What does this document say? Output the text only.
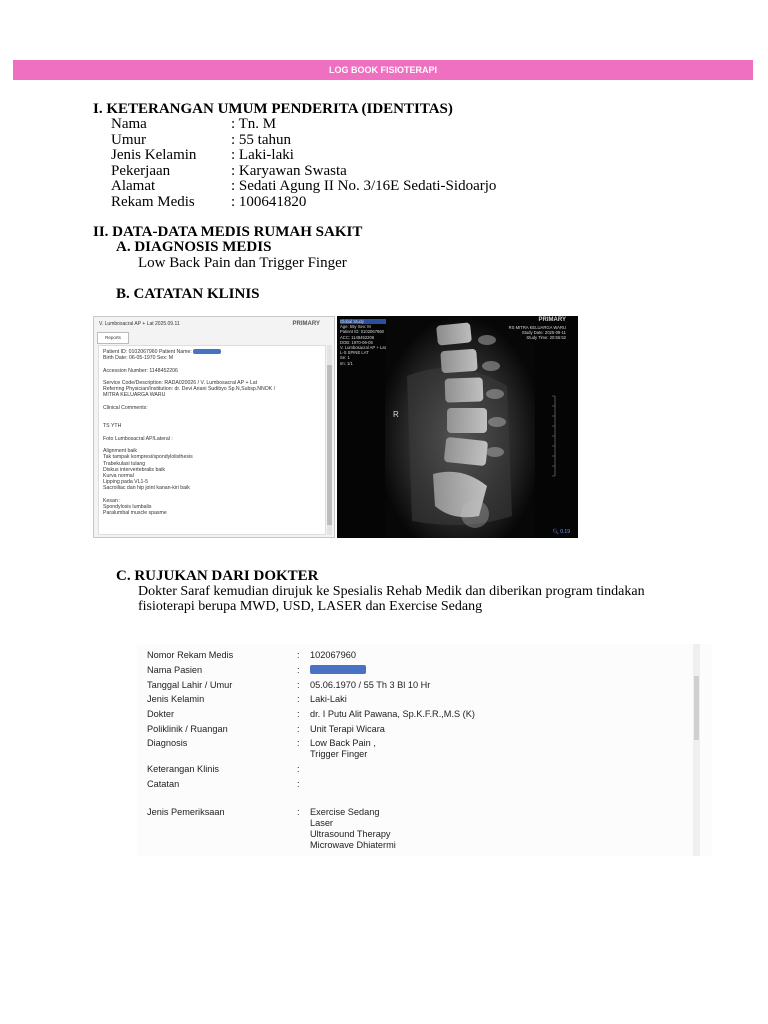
LOG BOOK FISIOTERAPI
I. KETERANGAN UMUM PENDERITA (IDENTITAS)
Nama	: Tn. M
Umur	: 55 tahun
Jenis Kelamin : Laki-laki
Pekerjaan	: Karyawan Swasta
Alamat	: Sedati Agung II No. 3/16E Sedati-Sidoarjo
Rekam Medis : 100641820
II. DATA-DATA MEDIS RUMAH SAKIT
A. DIAGNOSIS MEDIS
Low Back Pain dan Trigger Finger
B. CATATAN KLINIS
V. Lumbosacral AP + Lat 2025.09.11	PRIMARY
Reports
Patient ID: 0102067960 Patient Name:
Birth Date: 06-05-1970 Sex: M

Accession Number: 1148452206

Service Code/Description: RADA020026 / V. Lumbosacral AP + Lat
Referring Physician/Institution: dr. Devi Ariani Sudibyo Sp.N,Subsp.NNOK /
MITRA KELUARGA WARU

Clinical Comments:

TS YTH

Foto Lumbosacral AP/Lateral :

Alignment baik
Tak tampak kompresi/spondylolisthesis
Trabekulasi tulang
Diskus intervertebralis baik
Kurva normal
Lipping pada VL1-5
Sacroiliac dan hip joint kanan-kiri baik

Kesan :
Spondylosis lumbalis
Paralumbal muscle spasme
Global Study
Age: 55y Sex: M
Patient ID: 0102067960
ACC: 1148452206
DOB: 1970-06-05
V. Lumbosacral AP + Lat
L-S SPINE LAT
Se: 1
Im: 1/1
PRIMARY
RS MITRA KELUARGA WARU
Study Date: 2025-09-11
Study Time: 20:55:52
R
🔍︎ 0.19
C. RUJUKAN DARI DOKTER
Dokter Saraf kemudian dirujuk ke Spesialis Rehab Medik dan diberikan program tindakan
fisioterapi berupa MWD, USD, LASER dan Exercise Sedang
Nomor Rekam Medis	: 102067960
Nama Pasien	:
Tanggal Lahir / Umur	: 05.06.1970 / 55 Th 3 Bl 10 Hr
Jenis Kelamin	: Laki-Laki
Dokter	: dr. I Putu Alit Pawana, Sp.K.F.R.,M.S (K)
Poliklinik / Ruangan	: Unit Terapi Wicara
Diagnosis	: Low Back Pain ,
Trigger Finger
Keterangan Klinis	:
Catatan	:
Jenis Pemeriksaan	: Exercise Sedang
Laser
Ultrasound Therapy
Microwave Dhiatermi
